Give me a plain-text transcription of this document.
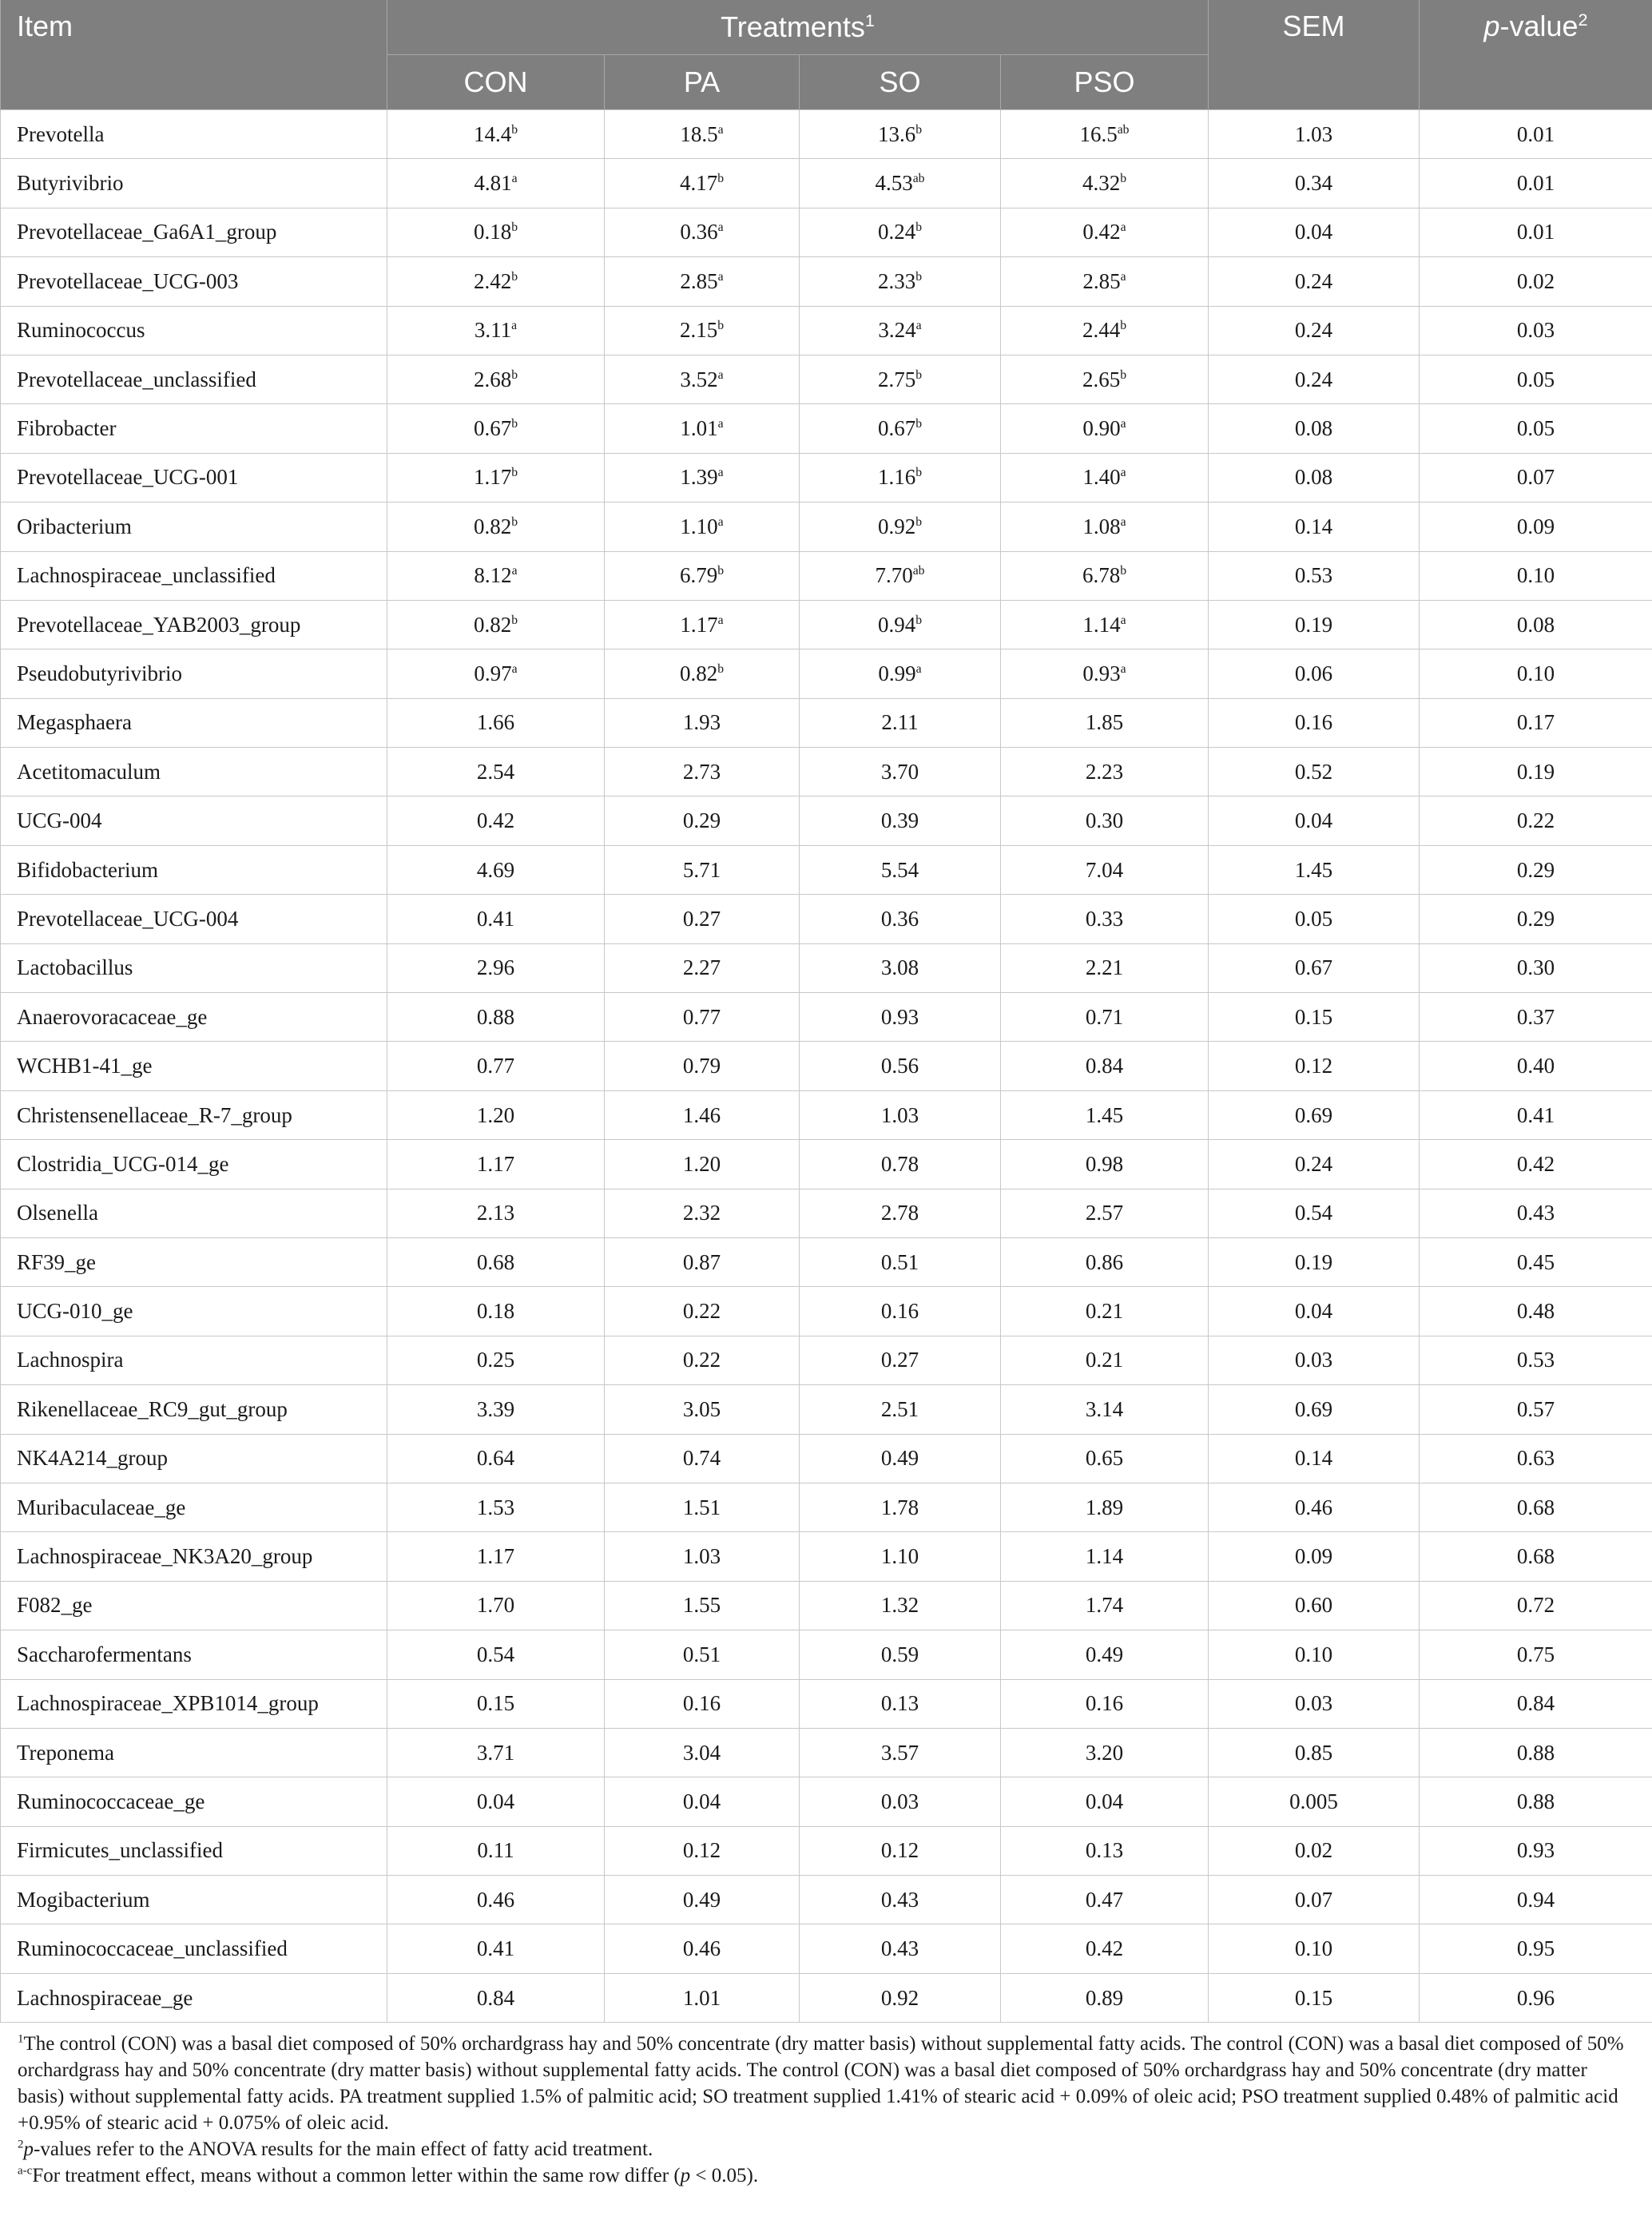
Item	Treatments$^1$				SEM	p-value$^2$
	CON	PA	SO	PSO		
Prevotella	14.4$^b$	18.5$^a$	13.6$^b$	16.5$^{ab}$	1.03	0.01
Butyrivibrio	4.81$^a$	4.17$^b$	4.53$^{ab}$	4.32$^b$	0.34	0.01
Prevotellaceae_Ga6A1_group	0.18$^b$	0.36$^a$	0.24$^b$	0.42$^a$	0.04	0.01
Prevotellaceae_UCG-003	2.42$^b$	2.85$^a$	2.33$^b$	2.85$^a$	0.24	0.02
Ruminococcus	3.11$^a$	2.15$^b$	3.24$^a$	2.44$^b$	0.24	0.03
Prevotellaceae_unclassified	2.68$^b$	3.52$^a$	2.75$^b$	2.65$^b$	0.24	0.05
Fibrobacter	0.67$^b$	1.01$^a$	0.67$^b$	0.90$^a$	0.08	0.05
Prevotellaceae_UCG-001	1.17$^b$	1.39$^a$	1.16$^b$	1.40$^a$	0.08	0.07
Oribacterium	0.82$^b$	1.10$^a$	0.92$^b$	1.08$^a$	0.14	0.09
Lachnospiraceae_unclassified	8.12$^a$	6.79$^b$	7.70$^{ab}$	6.78$^b$	0.53	0.10
Prevotellaceae_YAB2003_group	0.82$^b$	1.17$^a$	0.94$^b$	1.14$^a$	0.19	0.08
Pseudobutyrivibrio	0.97$^a$	0.82$^b$	0.99$^a$	0.93$^a$	0.06	0.10
Megasphaera	1.66	1.93	2.11	1.85	0.16	0.17
Acetitomaculum	2.54	2.73	3.70	2.23	0.52	0.19
UCG-004	0.42	0.29	0.39	0.30	0.04	0.22
Bifidobacterium	4.69	5.71	5.54	7.04	1.45	0.29
Prevotellaceae_UCG-004	0.41	0.27	0.36	0.33	0.05	0.29
Lactobacillus	2.96	2.27	3.08	2.21	0.67	0.30
Anaerovoracaceae_ge	0.88	0.77	0.93	0.71	0.15	0.37
WCHB1-41_ge	0.77	0.79	0.56	0.84	0.12	0.40
Christensenellaceae_R-7_group	1.20	1.46	1.03	1.45	0.69	0.41
Clostridia_UCG-014_ge	1.17	1.20	0.78	0.98	0.24	0.42
Olsenella	2.13	2.32	2.78	2.57	0.54	0.43
RF39_ge	0.68	0.87	0.51	0.86	0.19	0.45
UCG-010_ge	0.18	0.22	0.16	0.21	0.04	0.48
Lachnospira	0.25	0.22	0.27	0.21	0.03	0.53
Rikenellaceae_RC9_gut_group	3.39	3.05	2.51	3.14	0.69	0.57
NK4A214_group	0.64	0.74	0.49	0.65	0.14	0.63
Muribaculaceae_ge	1.53	1.51	1.78	1.89	0.46	0.68
Lachnospiraceae_NK3A20_group	1.17	1.03	1.10	1.14	0.09	0.68
F082_ge	1.70	1.55	1.32	1.74	0.60	0.72
Saccharofermentans	0.54	0.51	0.59	0.49	0.10	0.75
Lachnospiraceae_XPB1014_group	0.15	0.16	0.13	0.16	0.03	0.84
Treponema	3.71	3.04	3.57	3.20	0.85	0.88
Ruminococcaceae_ge	0.04	0.04	0.03	0.04	0.005	0.88
Firmicutes_unclassified	0.11	0.12	0.12	0.13	0.02	0.93
Mogibacterium	0.46	0.49	0.43	0.47	0.07	0.94
Ruminococcaceae_unclassified	0.41	0.46	0.43	0.42	0.10	0.95
Lachnospiraceae_ge	0.84	1.01	0.92	0.89	0.15	0.96

$^1$The control (CON) was a basal diet composed of 50% orchardgrass hay and 50% concentrate (dry matter basis) without supplemental fatty acids. The control (CON) was a basal diet composed of 50% orchardgrass hay and 50% concentrate (dry matter basis) without supplemental fatty acids. The control (CON) was a basal diet composed of 50% orchardgrass hay and 50% concentrate (dry matter basis) without supplemental fatty acids. PA treatment supplied 1.5% of palmitic acid; SO treatment supplied 1.41% of stearic acid + 0.09% of oleic acid; PSO treatment supplied 0.48% of palmitic acid +0.95% of stearic acid + 0.075% of oleic acid.

$^2$p-values refer to the ANOVA results for the main effect of fatty acid treatment.

$^{a-c}$For treatment effect, means without a common letter within the same row differ (p < 0.05).
